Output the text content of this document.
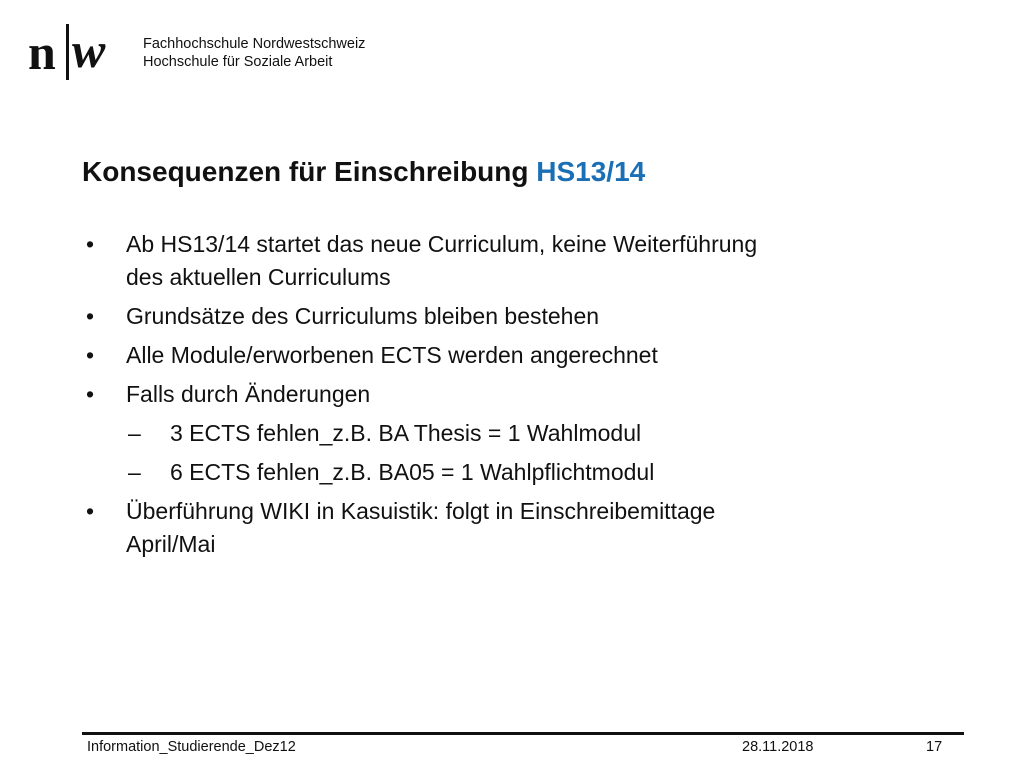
n w	Fachhochschule Nordwestschweiz
Hochschule für Soziale Arbeit
Konsequenzen für Einschreibung HS13/14
• Ab HS13/14 startet das neue Curriculum, keine Weiterführung
des aktuellen Curriculums
• Grundsätze des Curriculums bleiben bestehen
• Alle Module/erworbenen ECTS werden angerechnet
• Falls durch Änderungen
– 3 ECTS fehlen_z.B. BA Thesis = 1 Wahlmodul
– 6 ECTS fehlen_z.B. BA05 = 1 Wahlpflichtmodul
• Überführung WIKI in Kasuistik: folgt in Einschreibemittage
April/Mai
Information_Studierende_Dez12	28.11.2018	17
